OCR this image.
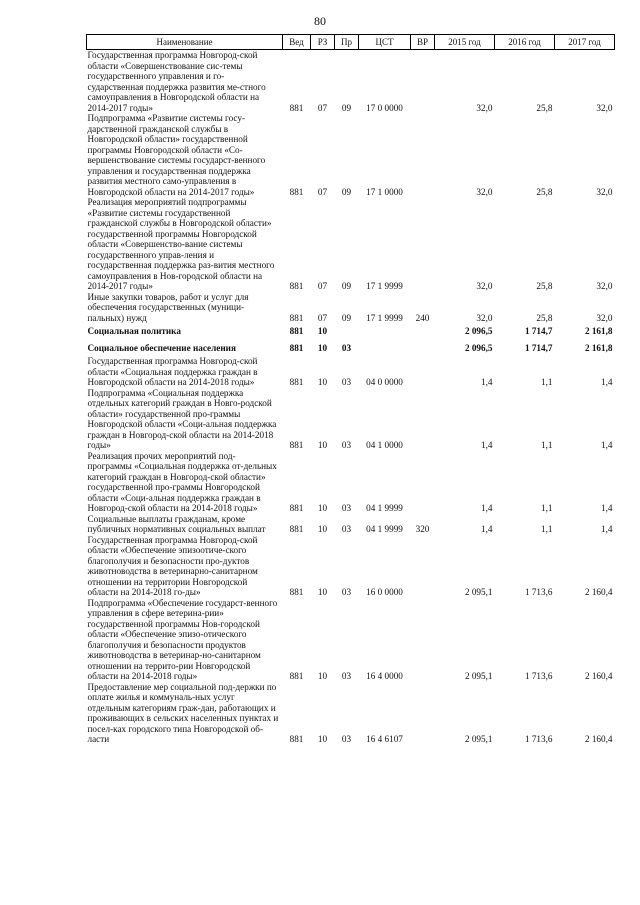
80
Наименование	Вед	РЗ	Пр	ЦСТ	ВР	2015 год	2016 год	2017 год
Государственная программа Новгород-ской области «Совершенствование сис-темы государственного управления и го-сударственная поддержка развития ме-стного самоуправления в Новгородской области на 2014-2017 годы»	881	07	09	17 0 0000		32,0	25,8	32,0
Подпрограмма «Развитие системы госу-дарственной гражданской службы в Новгородской области» государственной программы Новгородской области «Со-вершенствование системы государст-венного управления и государственная поддержка развития местного само-управления в Новгородской области на 2014-2017 годы»	881	07	09	17 1 0000		32,0	25,8	32,0
Реализация мероприятий подпрограммы «Развитие системы государственной гражданской службы в Новгородской области» государственной программы Новгородской области «Совершенство-вание системы государственного управ-ления и государственная поддержка раз-вития местного самоуправления в Нов-городской области на 2014-2017 годы»	881	07	09	17 1 9999		32,0	25,8	32,0
Иные закупки товаров, работ и услуг для обеспечения государственных (муници-пальных) нужд	881	07	09	17 1 9999	240	32,0	25,8	32,0
Социальная политика	881	10				2 096,5	1 714,7	2 161,8
Социальное обеспечение населения	881	10	03			2 096,5	1 714,7	2 161,8
Государственная программа Новгород-ской области «Социальная поддержка граждан в Новгородской области на 2014-2018 годы»	881	10	03	04 0 0000		1,4	1,1	1,4
Подпрограмма «Социальная поддержка отдельных категорий граждан в Новго-родской области» государственной про-граммы Новгородской области «Соци-альная поддержка граждан в Новгород-ской области на 2014-2018 годы»	881	10	03	04 1 0000		1,4	1,1	1,4
Реализация прочих мероприятий под-программы «Социальная поддержка от-дельных категорий граждан в Новгород-ской области» государственной про-граммы Новгородской области «Соци-альная поддержка граждан в Новгород-ской области на 2014-2018 годы»	881	10	03	04 1 9999		1,4	1,1	1,4
Социальные выплаты гражданам, кроме публичных нормативных социальных выплат	881	10	03	04 1 9999	320	1,4	1,1	1,4
Государственная программа Новгород-ской области «Обеспечение эпизоотиче-ского благополучия и безопасности про-дуктов животноводства в ветеринарно-санитарном отношении на территории Новгородской области на 2014-2018 го-ды»	881	10	03	16 0 0000		2 095,1	1 713,6	2 160,4
Подпрограмма «Обеспечение государст-венного управления в сфере ветерина-рии» государственной программы Нов-городской области «Обеспечение эпизо-отического благополучия и безопасности продуктов животноводства в ветеринар-но-санитарном отношении на террито-рии Новгородской области на 2014-2018 годы»	881	10	03	16 4 0000		2 095,1	1 713,6	2 160,4
Предоставление мер социальной под-держки по оплате жилья и коммуналь-ных услуг отдельным категориям граж-дан, работающих и проживающих в сельских населенных пунктах и посел-ках городского типа Новгородской об-ласти	881	10	03	16 4 6107		2 095,1	1 713,6	2 160,4
